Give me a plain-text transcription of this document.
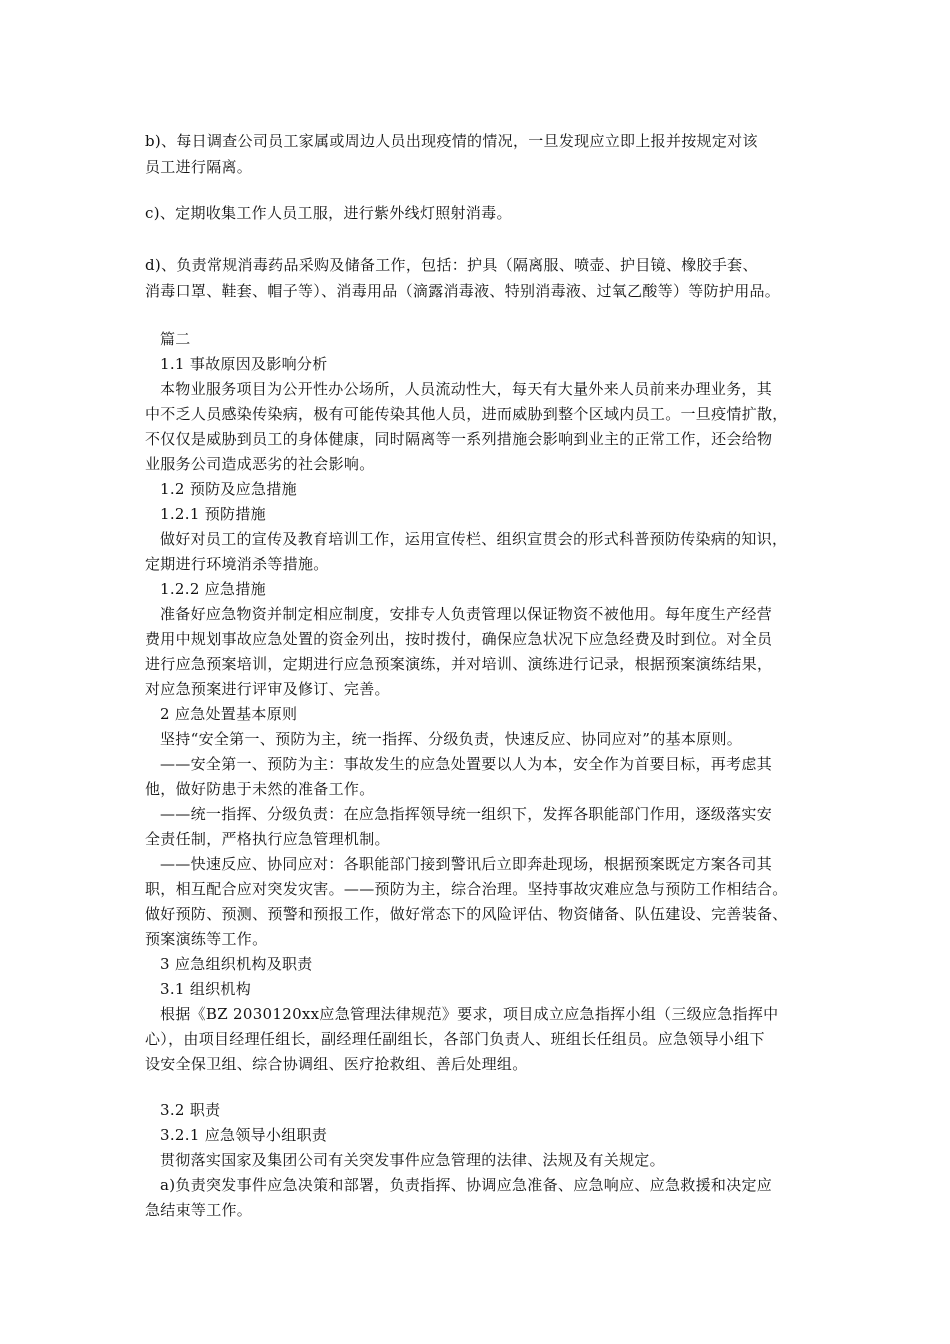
b)、每日调查公司员工家属或周边人员出现疫情的情况，一旦发现应立即上报并按规定对该
员工进行隔离。
c)、定期收集工作人员工服，进行紫外线灯照射消毒。
d)、负责常规消毒药品采购及储备工作，包括：护具（隔离服、喷壶、护目镜、橡胶手套、
消毒口罩、鞋套、帽子等）、消毒用品（滴露消毒液、特别消毒液、过氧乙酸等）等防护用品。
篇二
1.1 事故原因及影响分析
本物业服务项目为公开性办公场所，人员流动性大，每天有大量外来人员前来办理业务，其
中不乏人员感染传染病，极有可能传染其他人员，进而威胁到整个区域内员工。一旦疫情扩散，
不仅仅是威胁到员工的身体健康，同时隔离等一系列措施会影响到业主的正常工作，还会给物
业服务公司造成恶劣的社会影响。
1.2 预防及应急措施
1.2.1 预防措施
做好对员工的宣传及教育培训工作，运用宣传栏、组织宣贯会的形式科普预防传染病的知识，
定期进行环境消杀等措施。
1.2.2 应急措施
准备好应急物资并制定相应制度，安排专人负责管理以保证物资不被他用。每年度生产经营
费用中规划事故应急处置的资金列出，按时拨付，确保应急状况下应急经费及时到位。对全员
进行应急预案培训，定期进行应急预案演练，并对培训、演练进行记录，根据预案演练结果，
对应急预案进行评审及修订、完善。
2 应急处置基本原则
坚持“安全第一、预防为主，统一指挥、分级负责，快速反应、协同应对”的基本原则。
——安全第一、预防为主：事故发生的应急处置要以人为本，安全作为首要目标，再考虑其
他，做好防患于未然的准备工作。
——统一指挥、分级负责：在应急指挥领导统一组织下，发挥各职能部门作用，逐级落实安
全责任制，严格执行应急管理机制。
——快速反应、协同应对：各职能部门接到警讯后立即奔赴现场，根据预案既定方案各司其
职，相互配合应对突发灾害。——预防为主，综合治理。坚持事故灾难应急与预防工作相结合。
做好预防、预测、预警和预报工作，做好常态下的风险评估、物资储备、队伍建设、完善装备、
预案演练等工作。
3 应急组织机构及职责
3.1 组织机构
根据《BZ 2030120xx应急管理法律规范》要求，项目成立应急指挥小组（三级应急指挥中
心），由项目经理任组长，副经理任副组长，各部门负责人、班组长任组员。应急领导小组下
设安全保卫组、综合协调组、医疗抢救组、善后处理组。
3.2 职责
3.2.1 应急领导小组职责
贯彻落实国家及集团公司有关突发事件应急管理的法律、法规及有关规定。
a)负责突发事件应急决策和部署，负责指挥、协调应急准备、应急响应、应急救援和决定应
急结束等工作。
